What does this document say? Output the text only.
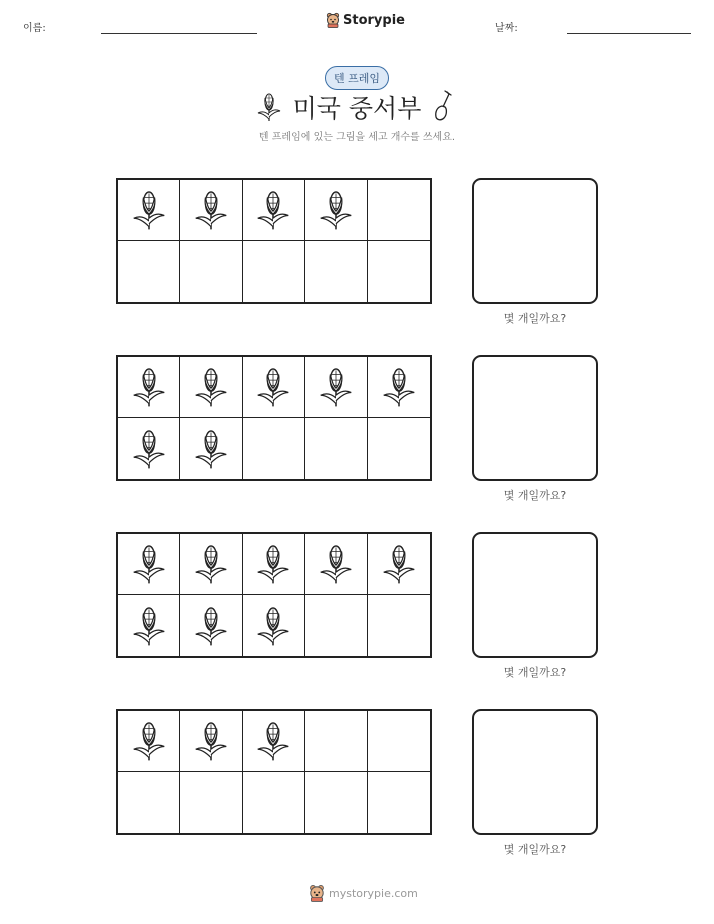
이름:
Storypie
날짜:
텐 프레임
미국 중서부
텐 프레임에 있는 그림을 세고 개수를 쓰세요.
몇 개일까요?
몇 개일까요?
몇 개일까요?
몇 개일까요?
mystorypie.com
